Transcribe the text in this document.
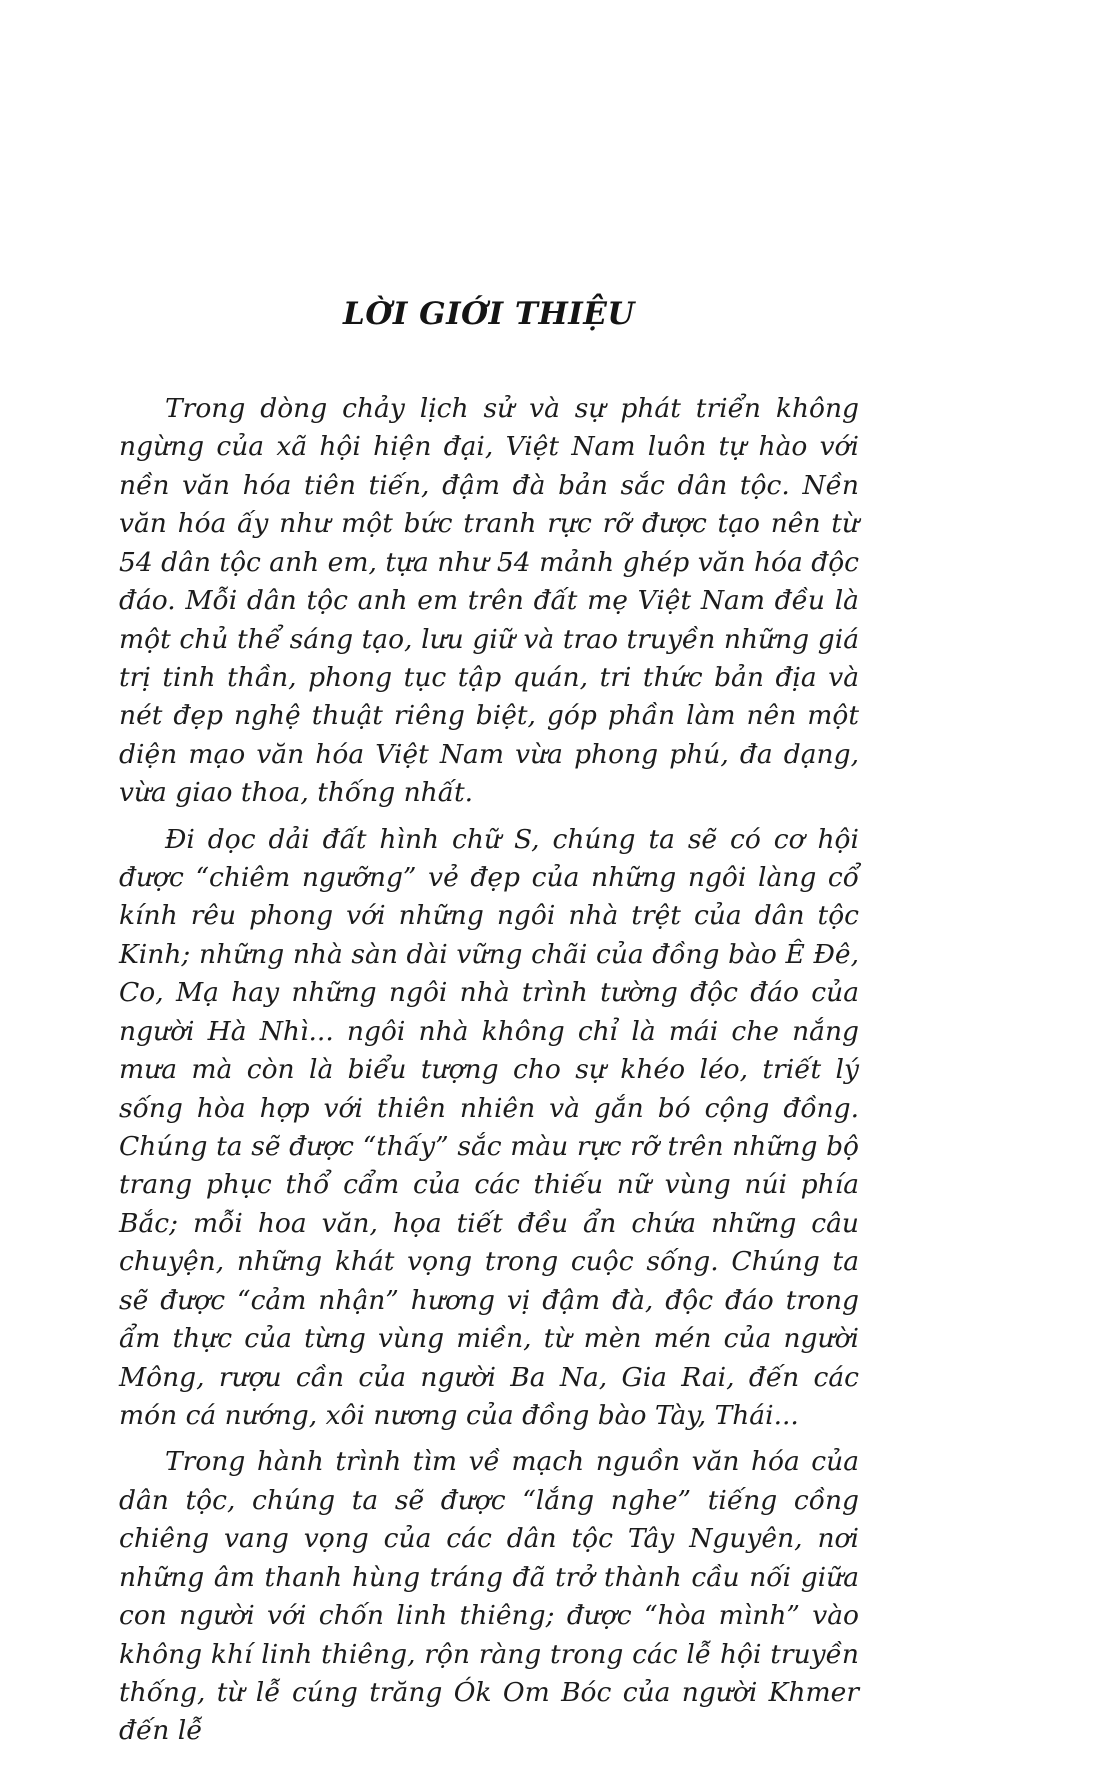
LỜI GIỚI THIỆU

Trong dòng chảy lịch sử và sự phát triển không ngừng của xã hội hiện đại, Việt Nam luôn tự hào với nền văn hóa tiên tiến, đậm đà bản sắc dân tộc. Nền văn hóa ấy như một bức tranh rực rỡ được tạo nên từ 54 dân tộc anh em, tựa như 54 mảnh ghép văn hóa độc đáo. Mỗi dân tộc anh em trên đất mẹ Việt Nam đều là một chủ thể sáng tạo, lưu giữ và trao truyền những giá trị tinh thần, phong tục tập quán, tri thức bản địa và nét đẹp nghệ thuật riêng biệt, góp phần làm nên một diện mạo văn hóa Việt Nam vừa phong phú, đa dạng, vừa giao thoa, thống nhất.

Đi dọc dải đất hình chữ S, chúng ta sẽ có cơ hội được “chiêm ngưỡng” vẻ đẹp của những ngôi làng cổ kính rêu phong với những ngôi nhà trệt của dân tộc Kinh; những nhà sàn dài vững chãi của đồng bào Ê Đê, Co, Mạ hay những ngôi nhà trình tường độc đáo của người Hà Nhì... ngôi nhà không chỉ là mái che nắng mưa mà còn là biểu tượng cho sự khéo léo, triết lý sống hòa hợp với thiên nhiên và gắn bó cộng đồng. Chúng ta sẽ được “thấy” sắc màu rực rỡ trên những bộ trang phục thổ cẩm của các thiếu nữ vùng núi phía Bắc; mỗi hoa văn, họa tiết đều ẩn chứa những câu chuyện, những khát vọng trong cuộc sống. Chúng ta sẽ được “cảm nhận” hương vị đậm đà, độc đáo trong ẩm thực của từng vùng miền, từ mèn mén của người Mông, rượu cần của người Ba Na, Gia Rai, đến các món cá nướng, xôi nương của đồng bào Tày, Thái...

Trong hành trình tìm về mạch nguồn văn hóa của dân tộc, chúng ta sẽ được “lắng nghe” tiếng cồng chiêng vang vọng của các dân tộc Tây Nguyên, nơi những âm thanh hùng tráng đã trở thành cầu nối giữa con người với chốn linh thiêng; được “hòa mình” vào không khí linh thiêng, rộn ràng trong các lễ hội truyền thống, từ lễ cúng trăng Ók Om Bóc của người Khmer đến lễ
